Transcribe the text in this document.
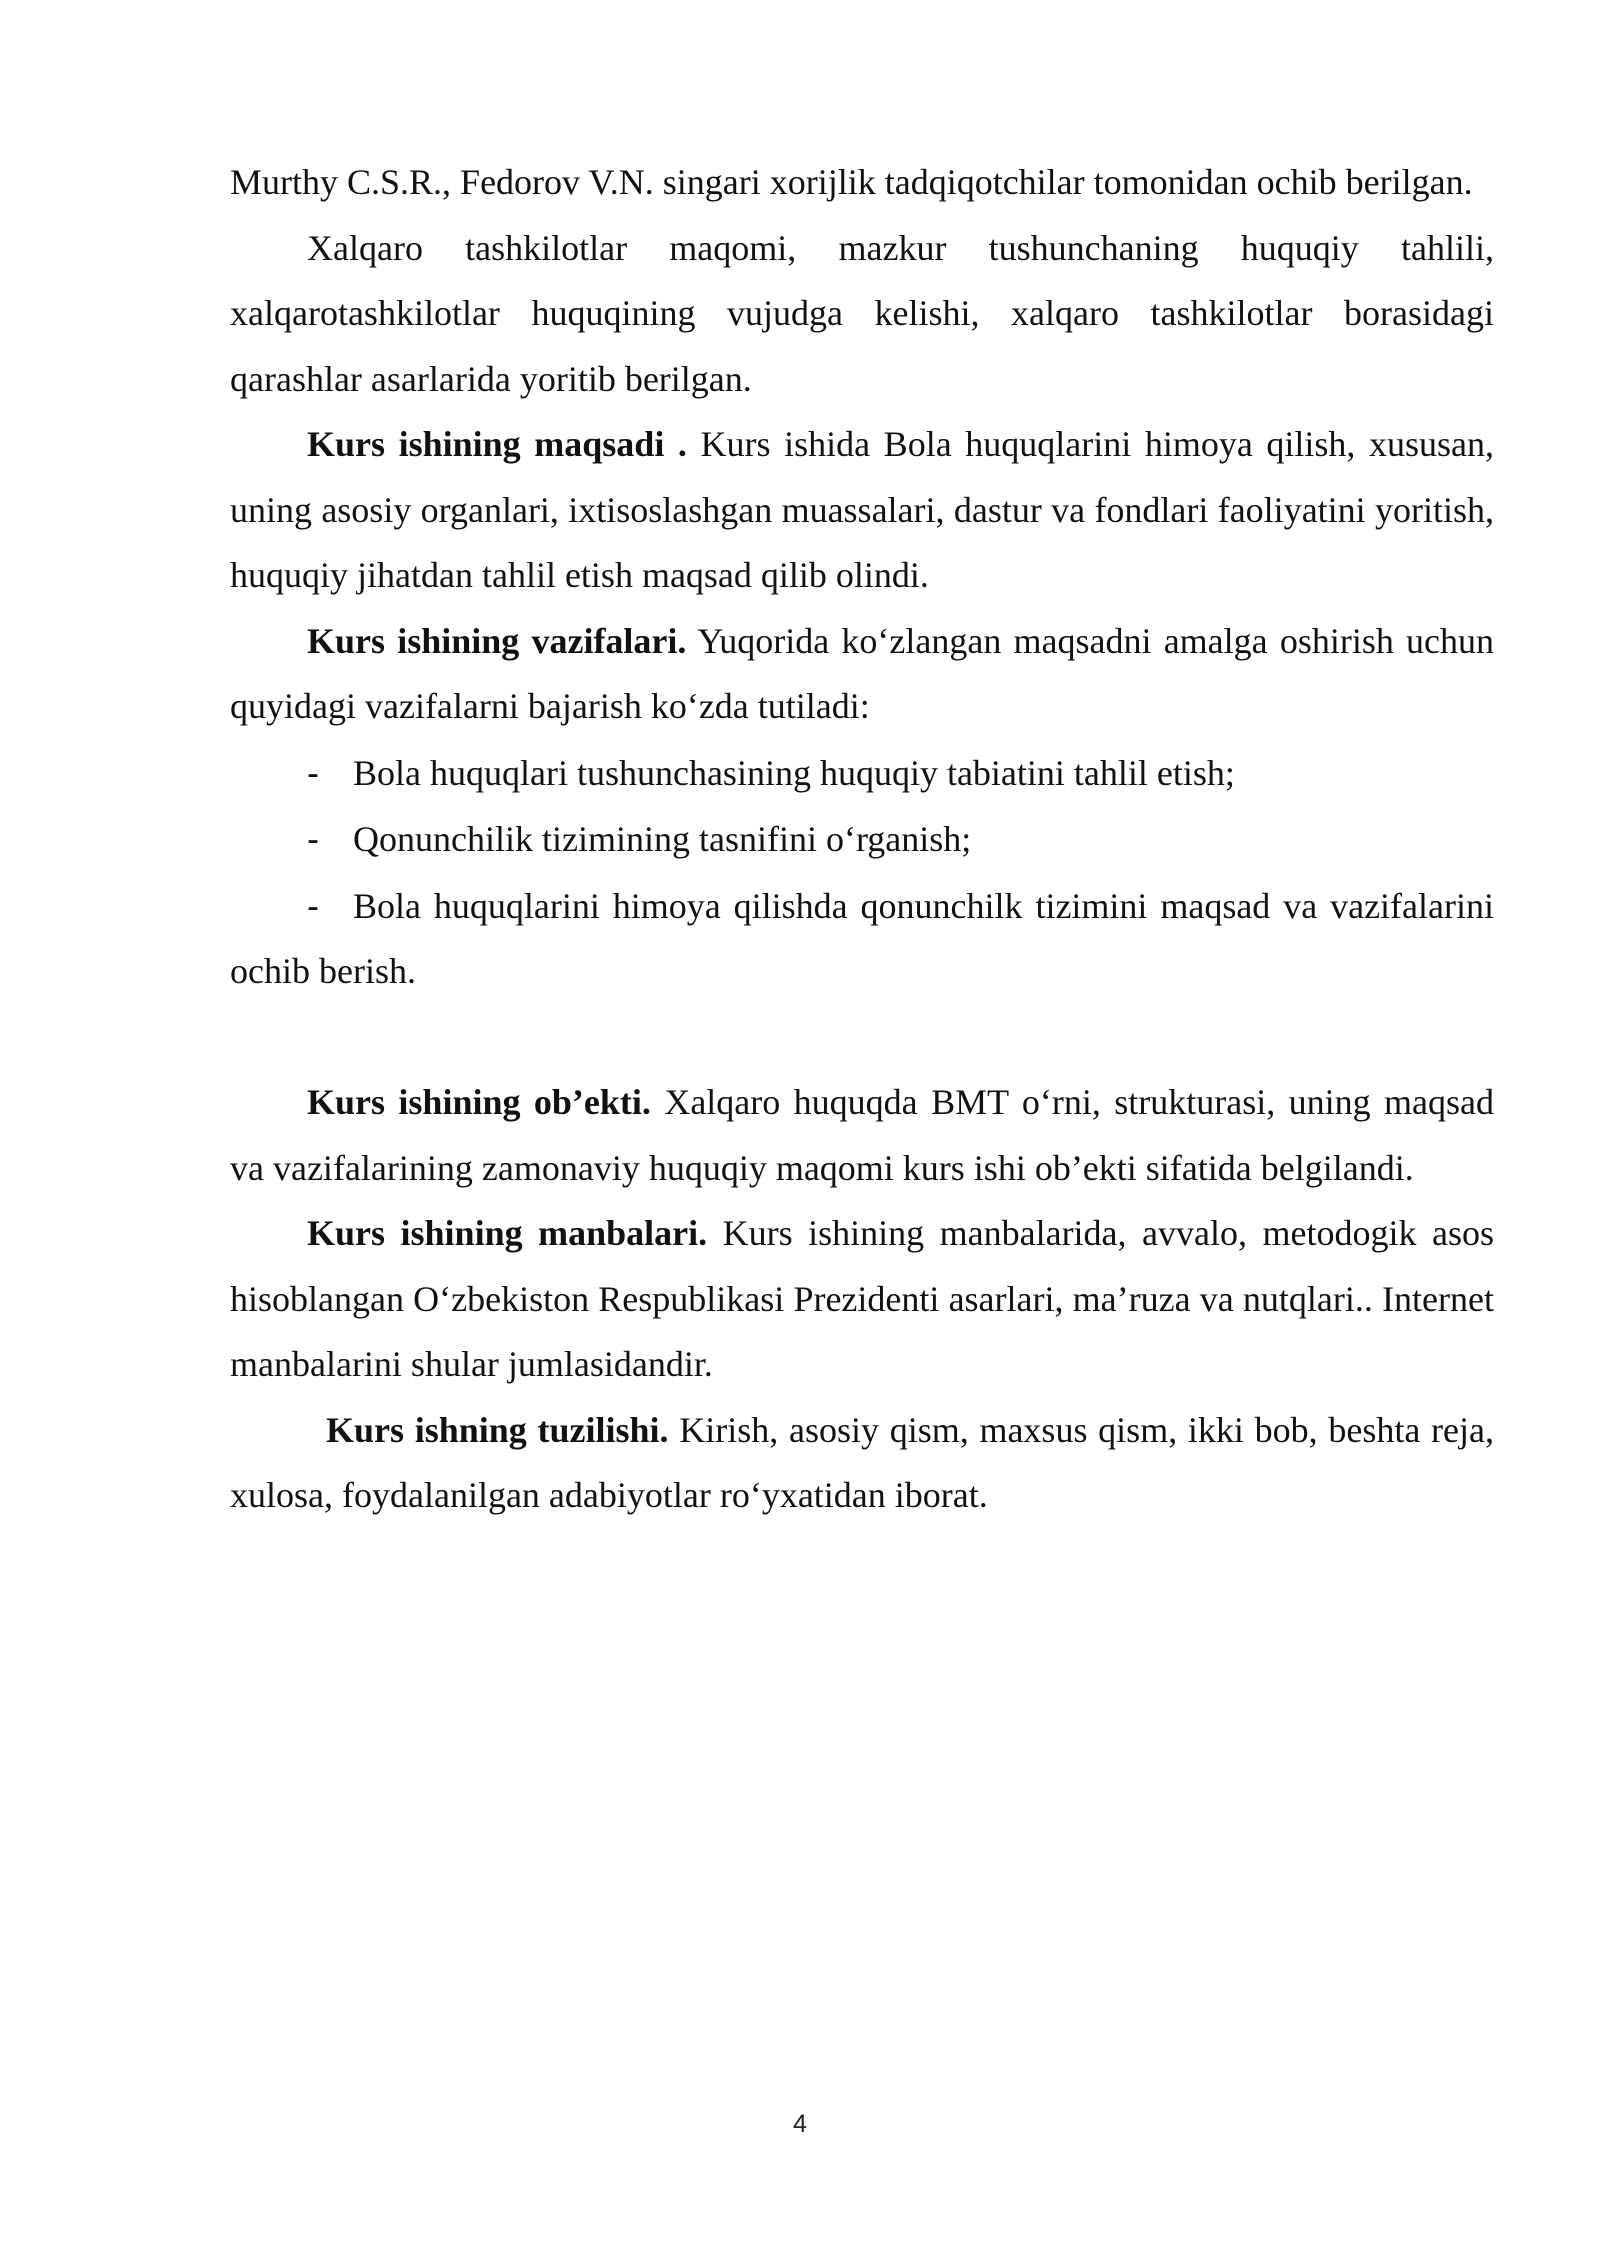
Murthy C.S.R., Fedorov V.N. singari xorijlik tadqiqotchilar tomonidan ochib berilgan.

Xalqaro tashkilotlar maqomi, mazkur tushunchaning huquqiy tahlili, xalqarotashkilotlar huquqining vujudga kelishi, xalqaro tashkilotlar borasidagi qarashlar asarlarida yoritib berilgan.

Kurs ishining maqsadi . Kurs ishida Bola huquqlarini himoya qilish, xususan, uning asosiy organlari, ixtisoslashgan muassalari, dastur va fondlari faoliyatini yoritish, huquqiy jihatdan tahlil etish maqsad qilib olindi.

Kurs ishining vazifalari. Yuqorida ko‘zlangan maqsadni amalga oshirish uchun quyidagi vazifalarni bajarish ko‘zda tutiladi:

- Bola huquqlari tushunchasining huquqiy tabiatini tahlil etish;

- Qonunchilik tizimining tasnifini o‘rganish;

- Bola huquqlarini himoya qilishda qonunchilk tizimini maqsad va vazifalarini ochib berish.

Kurs ishining ob’ekti. Xalqaro huquqda BMT o‘rni, strukturasi, uning maqsad va vazifalarining zamonaviy huquqiy maqomi kurs ishi ob’ekti sifatida belgilandi.

Kurs ishining manbalari. Kurs ishining manbalarida, avvalo, metodogik asos hisoblangan O‘zbekiston Respublikasi Prezidenti asarlari, ma’ruza va nutqlari.. Internet manbalarini shular jumlasidandir.

Kurs ishning tuzilishi. Kirish, asosiy qism, maxsus qism, ikki bob, beshta reja, xulosa, foydalanilgan adabiyotlar ro‘yxatidan iborat.

4
